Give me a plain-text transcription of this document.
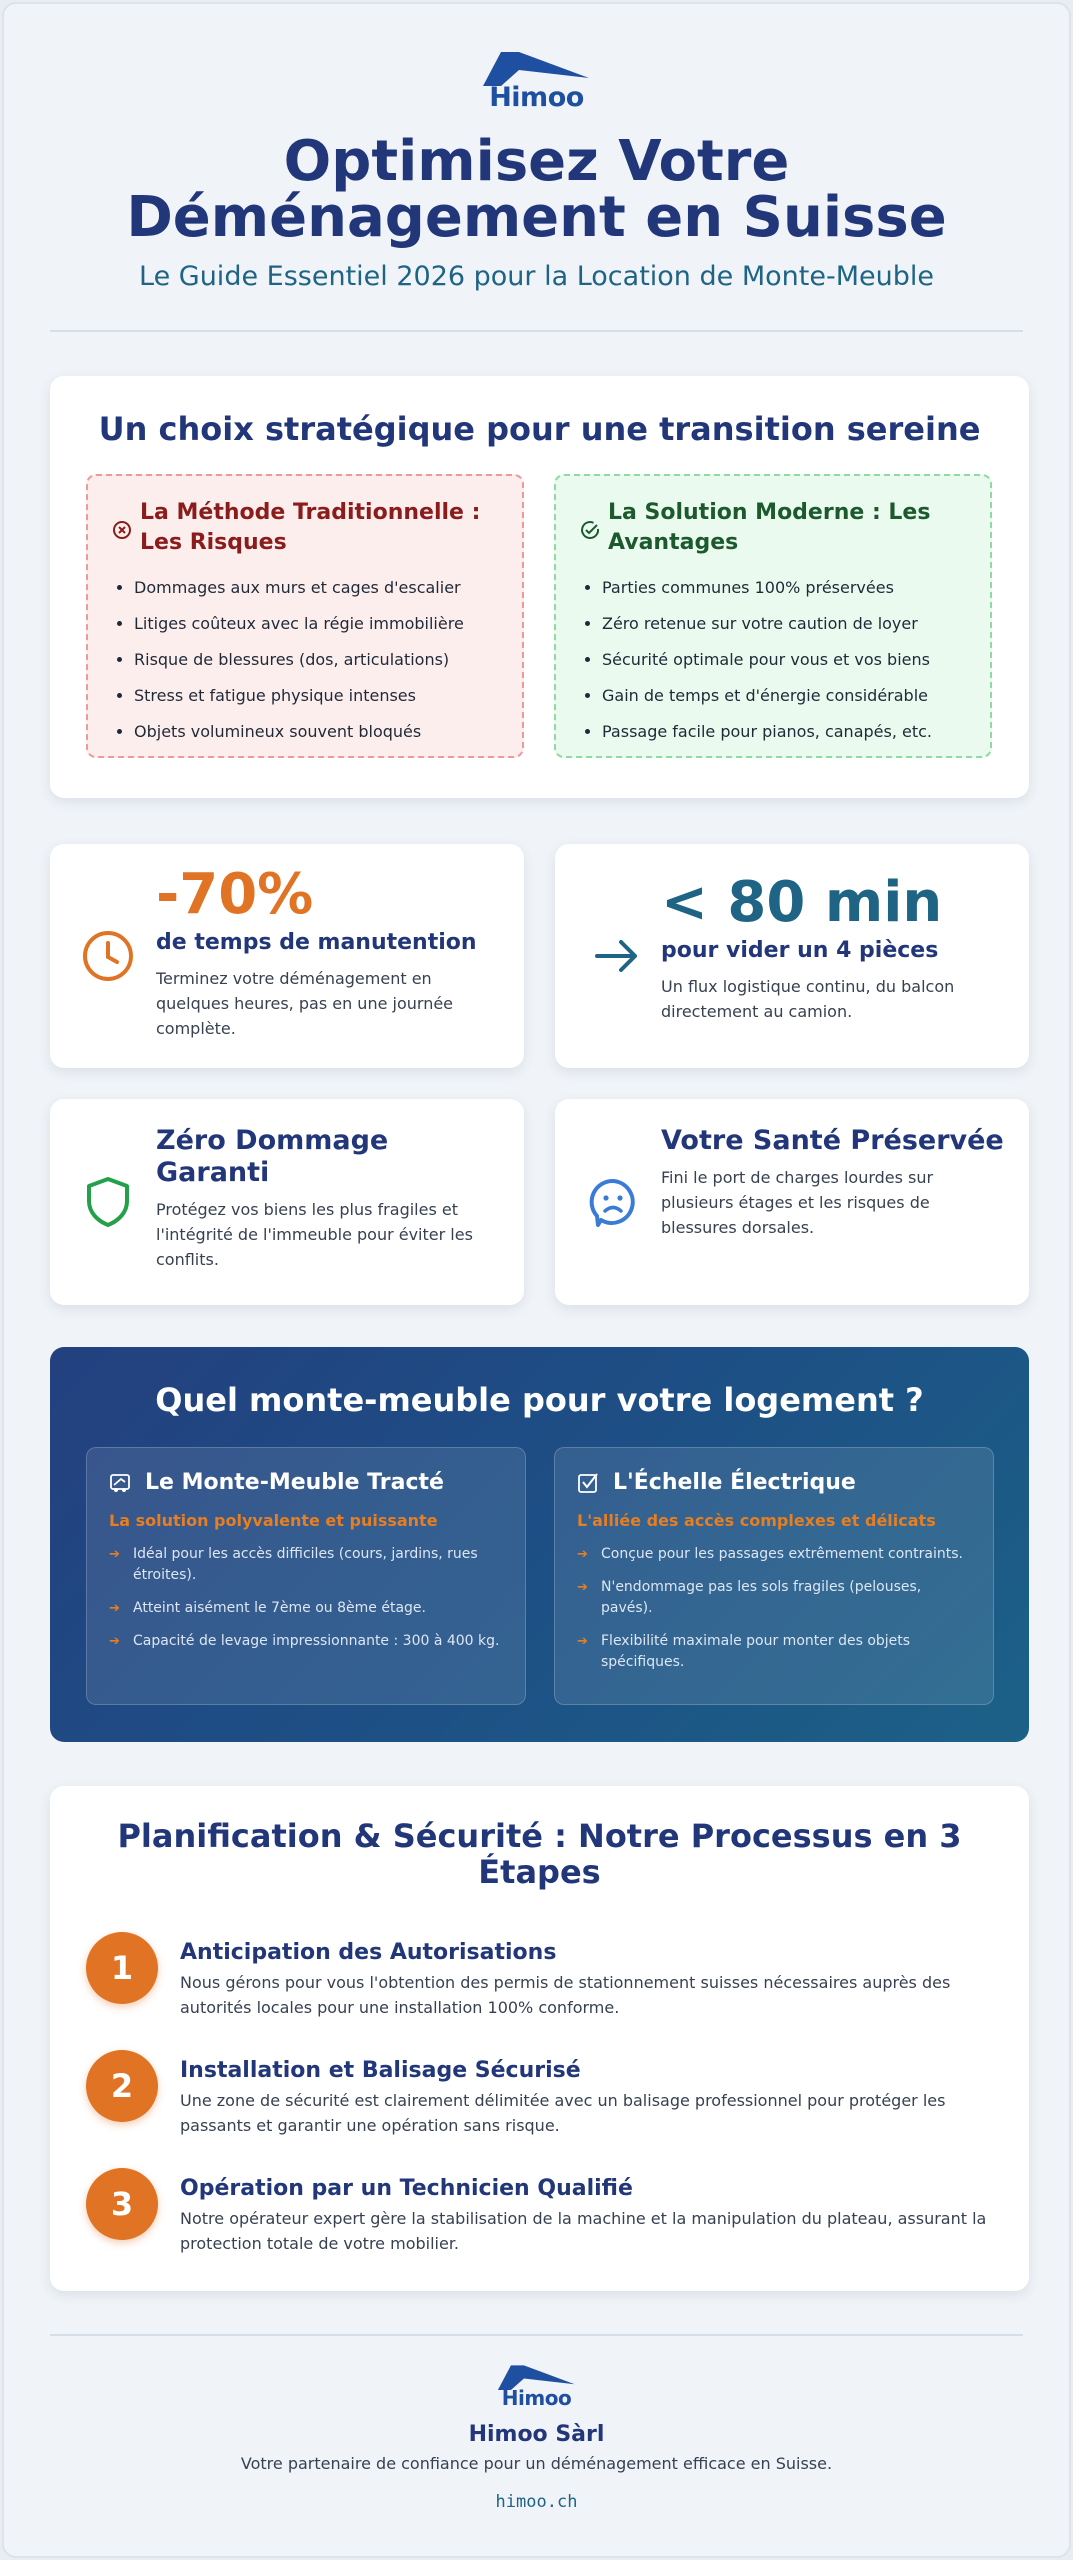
Himoo
Optimisez Votre
Déménagement en Suisse
Le Guide Essentiel 2026 pour la Location de Monte-Meuble
Un choix stratégique pour une transition sereine
La Méthode Traditionnelle : Les Risques
• Dommages aux murs et cages d'escalier
• Litiges coûteux avec la régie immobilière
• Risque de blessures (dos, articulations)
• Stress et fatigue physique intenses
• Objets volumineux souvent bloqués
La Solution Moderne : Les Avantages
• Parties communes 100% préservées
• Zéro retenue sur votre caution de loyer
• Sécurité optimale pour vous et vos biens
• Gain de temps et d'énergie considérable
• Passage facile pour pianos, canapés, etc.
-70%
de temps de manutention
Terminez votre déménagement en quelques heures, pas en une journée complète.
< 80 min
pour vider un 4 pièces
Un flux logistique continu, du balcon directement au camion.
Zéro Dommage Garanti
Protégez vos biens les plus fragiles et l'intégrité de l'immeuble pour éviter les conflits.
Votre Santé Préservée
Fini le port de charges lourdes sur plusieurs étages et les risques de blessures dorsales.
Quel monte-meuble pour votre logement ?
Le Monte-Meuble Tracté
La solution polyvalente et puissante
➔ Idéal pour les accès difficiles (cours, jardins, rues étroites).
➔ Atteint aisément le 7ème ou 8ème étage.
➔ Capacité de levage impressionnante : 300 à 400 kg.
L'Échelle Électrique
L'alliée des accès complexes et délicats
➔ Conçue pour les passages extrêmement contraints.
➔ N'endommage pas les sols fragiles (pelouses, pavés).
➔ Flexibilité maximale pour monter des objets spécifiques.
Planification & Sécurité : Notre Processus en 3 Étapes
1	Anticipation des Autorisations
Nous gérons pour vous l'obtention des permis de stationnement suisses nécessaires auprès des autorités locales pour une installation 100% conforme.
2	Installation et Balisage Sécurisé
Une zone de sécurité est clairement délimitée avec un balisage professionnel pour protéger les passants et garantir une opération sans risque.
3	Opération par un Technicien Qualifié
Notre opérateur expert gère la stabilisation de la machine et la manipulation du plateau, assurant la protection totale de votre mobilier.
Himoo
Himoo Sàrl
Votre partenaire de confiance pour un déménagement efficace en Suisse.
himoo.ch
